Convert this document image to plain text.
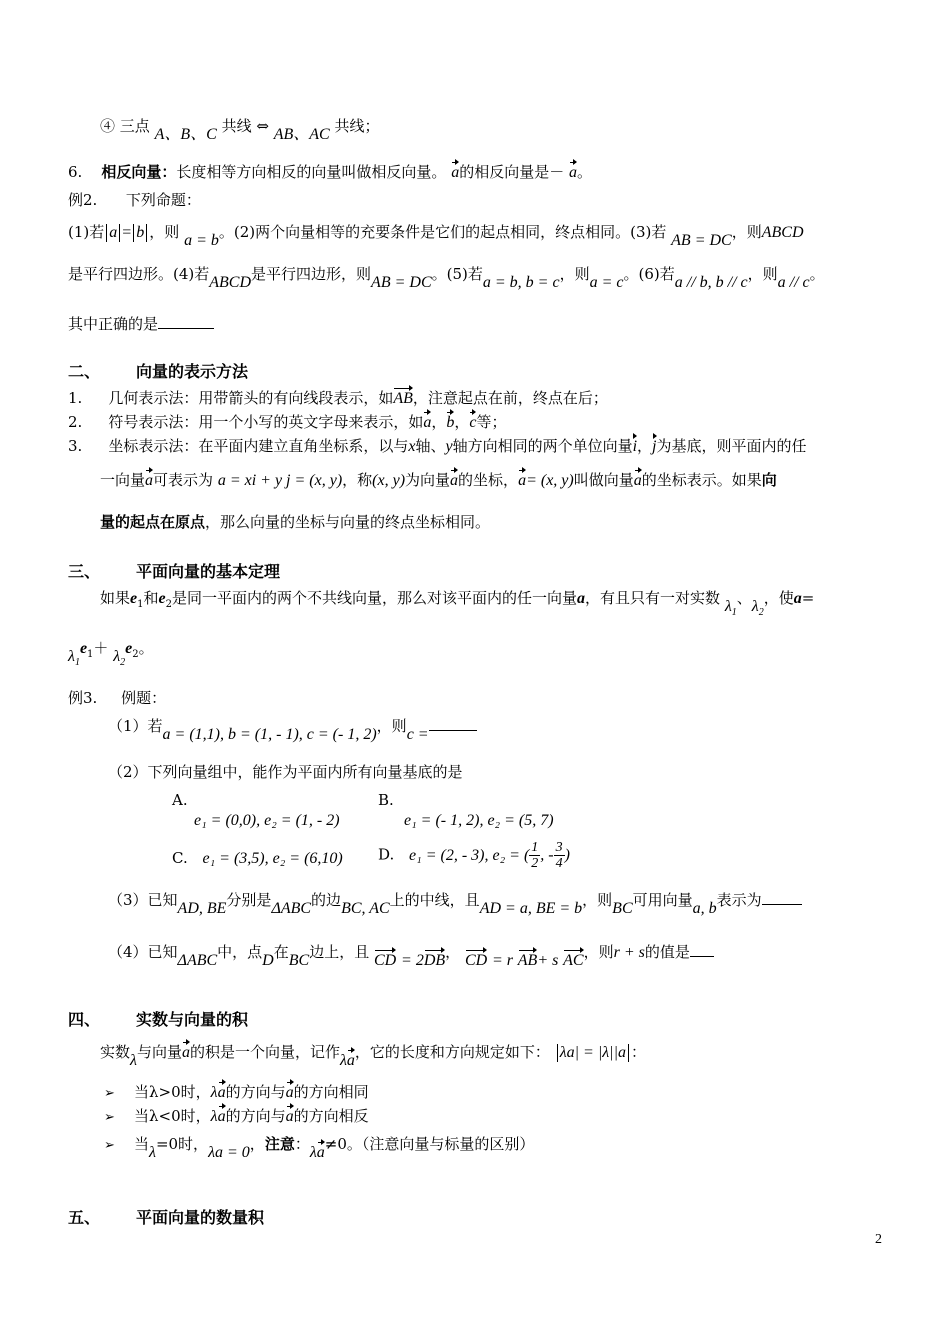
④ 三点 A、B、C 共线 ⇔ AB、AC 共线；
6. 相反向量：长度相等方向相反的向量叫做相反向量。 a的相反向量是－ a。
例2. 下列命题：
(1)若 a = b ，则 a = b。(2)两个向量相等的充要条件是它们的起点相同，终点相同。(3)若 AB = DC，则ABCD
是平行四边形。(4)若ABCD是平行四边形，则AB = DC。(5)若a = b, b = c，则a = c。(6)若a // b, b // c，则a // c。
其中正确的是
二、 向量的表示方法
1. 几何表示法：用带箭头的有向线段表示，如AB，注意起点在前，终点在后；
2. 符号表示法：用一个小写的英文字母来表示，如a，b，c等；
3. 坐标表示法：在平面内建立直角坐标系，以与x轴、y轴方向相同的两个单位向量i，j为基底，则平面内的任
一向量a可表示为 a = xi + y j = (x, y)，称(x, y)为向量a的坐标，a= (x, y)叫做向量a的坐标表示。如果向
量的起点在原点，那么向量的坐标与向量的终点坐标相同。
三、 平面向量的基本定理
如果$e_1$和$e_2$是同一平面内的两个不共线向量，那么对该平面内的任一向量a，有且只有一对实数 $\lambda_1$、$\lambda_2$，使a=
$\lambda_1e_1+ \lambda_2e_2$。
例3. 例题：
（1）若a = (1,1), b = (1, - 1), c = (- 1, 2)，则c =
（2）下列向量组中，能作为平面内所有向量基底的是
A.
e₁ = (0,0), e₂ = (1, - 2)
B.
e₁ = (- 1, 2), e₂ = (5, 7)
C. e₁ = (3,5), e₂ = (6,10) D. e₁ = (2, - 3), e₂ = ( $\frac{1}{2}$ , - $\frac{3}{4}$ )
（3）已知AD, BE分别是ΔABC的边BC, AC上的中线，且AD = a, BE = b，则BC可用向量a, b表示为
（4）已知ΔABC中，点D在BC边上，且 CD = 2DB， CD = r AB+ s AC，则r + s的值是
四、 实数与向量的积
实数λ与向量a的积是一个向量，记作λa，它的长度和方向规定如下： λa| = |λ||a ：
➢ 当λ>0时，λa的方向与a的方向相同
➢ 当λ<0时，λa的方向与a的方向相反
➢ 当λ=0时，λa = 0，注意：λa≠0。（注意向量与标量的区别）
五、 平面向量的数量积
2
